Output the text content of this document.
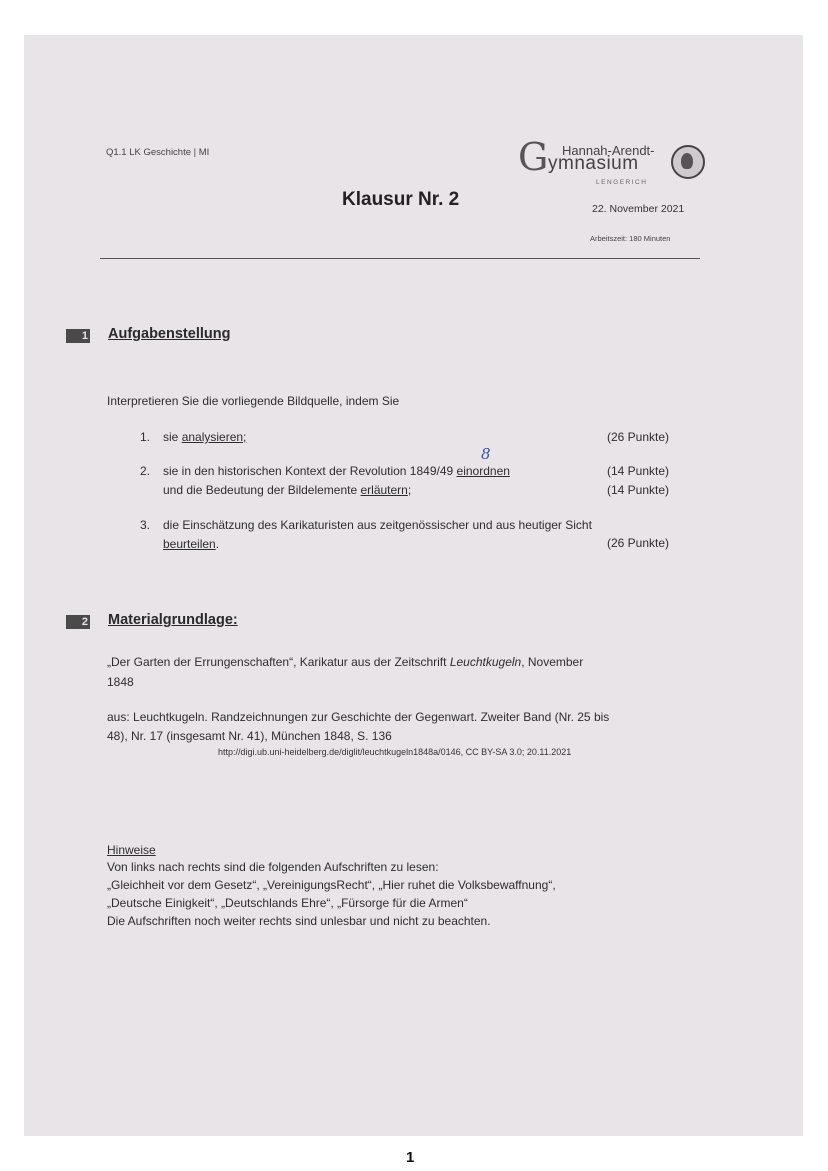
Q1.1 LK Geschichte | MI	G Hannah-Arendt-
ymnasium
LENGERICH
Klausur Nr. 2	22. November 2021
Arbeitszeit: 180 Minuten
1 Aufgabenstellung
Interpretieren Sie die vorliegende Bildquelle, indem Sie
1. sie analysieren;	(26 Punkte)
8
2. sie in den historischen Kontext der Revolution 1849/49 einordnen	(14 Punkte)
und die Bedeutung der Bildelemente erläutern;	(14 Punkte)
3. die Einschätzung des Karikaturisten aus zeitgenössischer und aus heutiger Sicht
beurteilen.	(26 Punkte)
2 Materialgrundlage:
„Der Garten der Errungenschaften“, Karikatur aus der Zeitschrift Leuchtkugeln, November
1848
aus: Leuchtkugeln. Randzeichnungen zur Geschichte der Gegenwart. Zweiter Band (Nr. 25 bis
48), Nr. 17 (insgesamt Nr. 41), München 1848, S. 136
http://digi.ub.uni-heidelberg.de/diglit/leuchtkugeln1848a/0146, CC BY-SA 3.0; 20.11.2021
Hinweise
Von links nach rechts sind die folgenden Aufschriften zu lesen:
„Gleichheit vor dem Gesetz“, „VereinigungsRecht“, „Hier ruhet die Volksbewaffnung“,
„Deutsche Einigkeit“, „Deutschlands Ehre“, „Fürsorge für die Armen“
Die Aufschriften noch weiter rechts sind unlesbar und nicht zu beachten.
1
